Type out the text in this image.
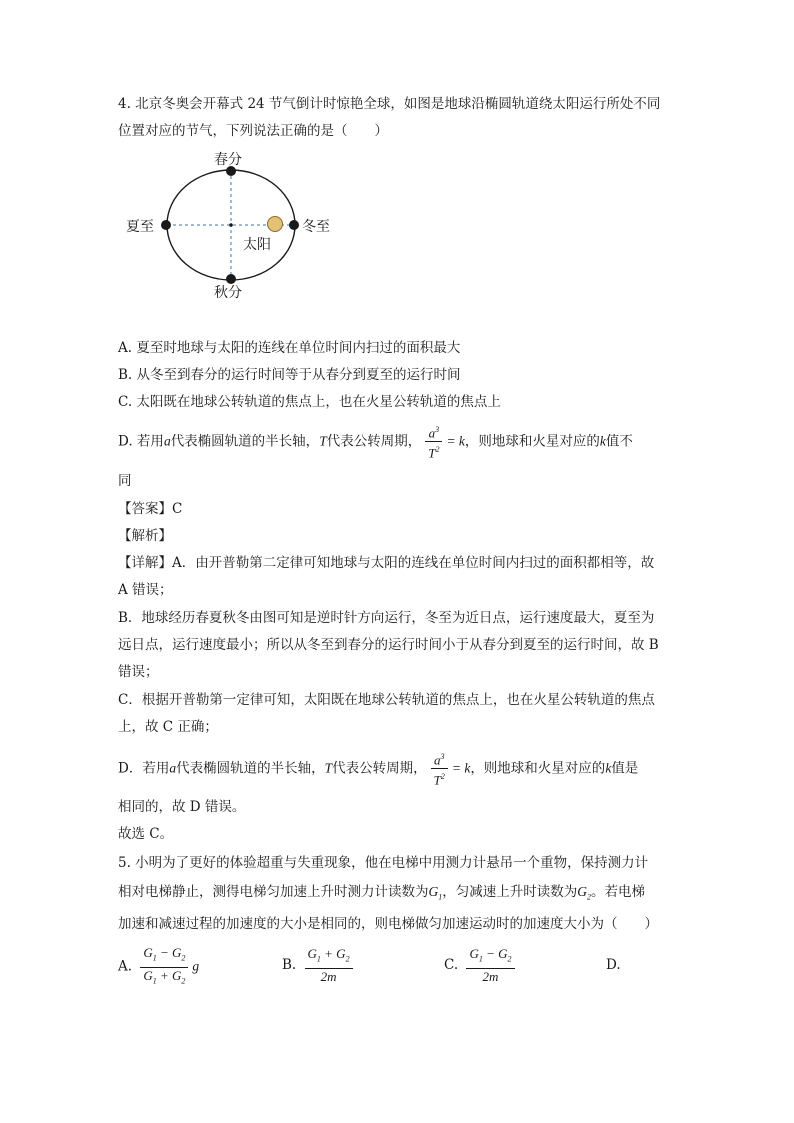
4. 北京冬奥会开幕式 24 节气倒计时惊艳全球，如图是地球沿椭圆轨道绕太阳运行所处不同
位置对应的节气，下列说法正确的是（　　）
春分
夏至	冬至
太阳
秋分
A. 夏至时地球与太阳的连线在单位时间内扫过的面积最大
B. 从冬至到春分的运行时间等于从春分到夏至的运行时间
C. 太阳既在地球公转轨道的焦点上，也在火星公转轨道的焦点上
D. 若用a代表椭圆轨道的半长轴，T代表公转周期， $\frac{a^3}{T^2} = k$，则地球和火星对应的k值不
同
【答案】C
【解析】
【详解】A．由开普勒第二定律可知地球与太阳的连线在单位时间内扫过的面积都相等，故
A 错误；
B．地球经历春夏秋冬由图可知是逆时针方向运行，冬至为近日点，运行速度最大，夏至为
远日点，运行速度最小；所以从冬至到春分的运行时间小于从春分到夏至的运行时间，故 B
错误；
C．根据开普勒第一定律可知，太阳既在地球公转轨道的焦点上，也在火星公转轨道的焦点
上，故 C 正确；
D．若用a代表椭圆轨道的半长轴，T代表公转周期， $\frac{a^3}{T^2} = k$，则地球和火星对应的k值是
相同的，故 D 错误。
故选 C。
5. 小明为了更好的体验超重与失重现象，他在电梯中用测力计悬吊一个重物，保持测力计
相对电梯静止，测得电梯匀加速上升时测力计读数为$G_1$，匀减速上升时读数为$G_2$。若电梯
加速和减速过程的加速度的大小是相同的，则电梯做匀加速运动时的加速度大小为（　　）
A. $\frac{G_1 - G_2}{G_1 + G_2}$ g	B. $\frac{G_1 + G_2}{2m}$	C. $\frac{G_1 - G_2}{2m}$	D.
